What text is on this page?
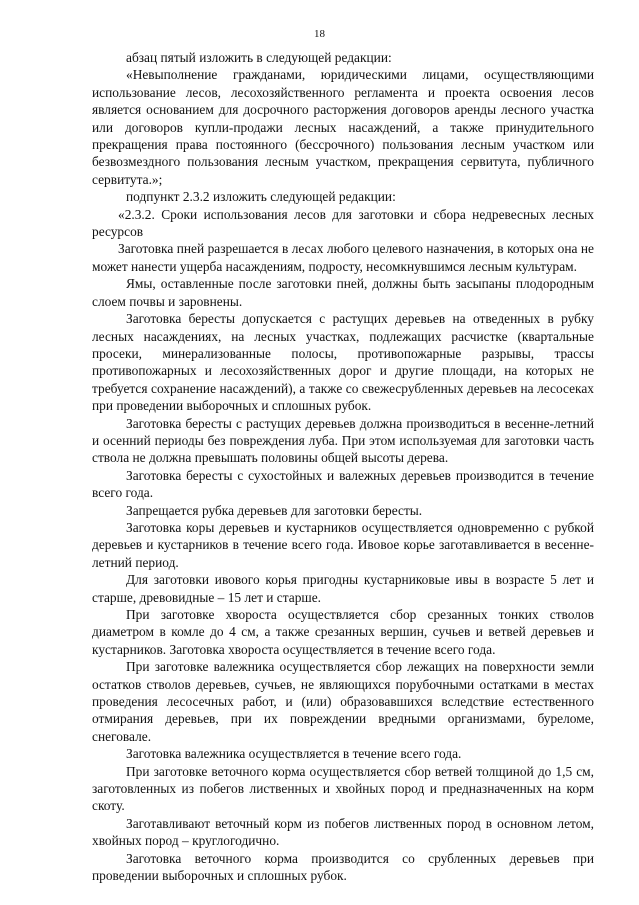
18

абзац пятый изложить в следующей редакции:

«Невыполнение гражданами, юридическими лицами, осуществляющими использование лесов, лесохозяйственного регламента и проекта освоения лесов является основанием для досрочного расторжения договоров аренды лесного участка или договоров купли-продажи лесных насаждений, а также принудительного прекращения права постоянного (бессрочного) пользования лесным участком или безвозмездного пользования лесным участком, прекращения сервитута, публичного сервитута.»;

подпункт 2.3.2 изложить следующей редакции:

«2.3.2. Сроки использования лесов для заготовки и сбора недревесных лесных ресурсов

Заготовка пней разрешается в лесах любого целевого назначения, в которых она не может нанести ущерба насаждениям, подросту, несомкнувшимся лесным культурам.

Ямы, оставленные после заготовки пней, должны быть засыпаны плодородным слоем почвы и заровнены.

Заготовка бересты допускается с растущих деревьев на отведенных в рубку лесных насаждениях, на лесных участках, подлежащих расчистке (квартальные просеки, минерализованные полосы, противопожарные разрывы, трассы противопожарных и лесохозяйственных дорог и другие площади, на которых не требуется сохранение насаждений), а также со свежесрубленных деревьев на лесосеках при проведении выборочных и сплошных рубок.

Заготовка бересты с растущих деревьев должна производиться в весенне-летний и осенний периоды без повреждения луба. При этом используемая для заготовки часть ствола не должна превышать половины общей высоты дерева.

Заготовка бересты с сухостойных и валежных деревьев производится в течение всего года.

Запрещается рубка деревьев для заготовки бересты.

Заготовка коры деревьев и кустарников осуществляется одновременно с рубкой деревьев и кустарников в течение всего года. Ивовое корье заготавливается в весенне-летний период.

Для заготовки ивового корья пригодны кустарниковые ивы в возрасте 5 лет и старше, древовидные – 15 лет и старше.

При заготовке хвороста осуществляется сбор срезанных тонких стволов диаметром в комле до 4 см, а также срезанных вершин, сучьев и ветвей деревьев и кустарников. Заготовка хвороста осуществляется в течение всего года.

При заготовке валежника осуществляется сбор лежащих на поверхности земли остатков стволов деревьев, сучьев, не являющихся порубочными остатками в местах проведения лесосечных работ, и (или) образовавшихся вследствие естественного отмирания деревьев, при их повреждении вредными организмами, буреломе, снеговале.

Заготовка валежника осуществляется в течение всего года.

При заготовке веточного корма осуществляется сбор ветвей толщиной до 1,5 см, заготовленных из побегов лиственных и хвойных пород и предназначенных на корм скоту.

Заготавливают веточный корм из побегов лиственных пород в основном летом, хвойных пород – круглогодично.

Заготовка веточного корма производится со срубленных деревьев при проведении выборочных и сплошных рубок.
